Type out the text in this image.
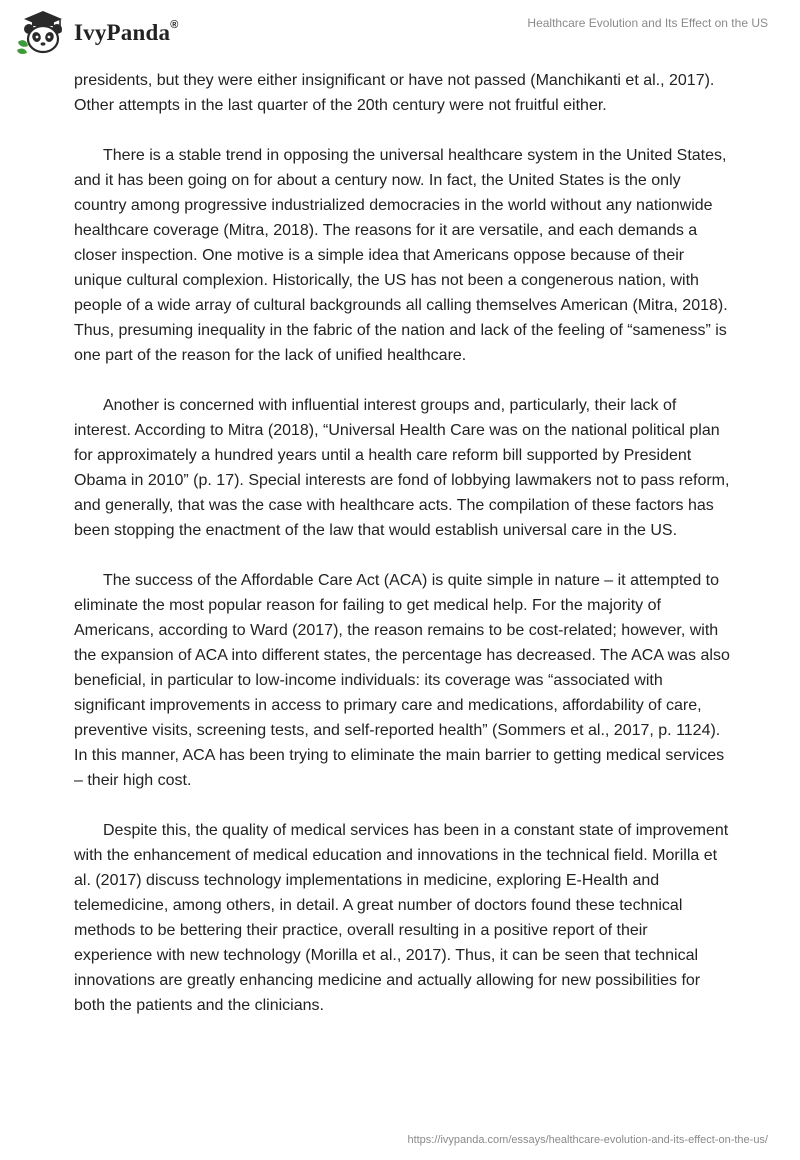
IvyPanda®	Healthcare Evolution and Its Effect on the US

presidents, but they were either insignificant or have not passed (Manchikanti et al., 2017). Other attempts in the last quarter of the 20th century were not fruitful either.

There is a stable trend in opposing the universal healthcare system in the United States, and it has been going on for about a century now. In fact, the United States is the only country among progressive industrialized democracies in the world without any nationwide healthcare coverage (Mitra, 2018). The reasons for it are versatile, and each demands a closer inspection. One motive is a simple idea that Americans oppose because of their unique cultural complexion. Historically, the US has not been a congenerous nation, with people of a wide array of cultural backgrounds all calling themselves American (Mitra, 2018). Thus, presuming inequality in the fabric of the nation and lack of the feeling of “sameness” is one part of the reason for the lack of unified healthcare.

Another is concerned with influential interest groups and, particularly, their lack of interest. According to Mitra (2018), “Universal Health Care was on the national political plan for approximately a hundred years until a health care reform bill supported by President Obama in 2010” (p. 17). Special interests are fond of lobbying lawmakers not to pass reform, and generally, that was the case with healthcare acts. The compilation of these factors has been stopping the enactment of the law that would establish universal care in the US.

The success of the Affordable Care Act (ACA) is quite simple in nature – it attempted to eliminate the most popular reason for failing to get medical help. For the majority of Americans, according to Ward (2017), the reason remains to be cost-related; however, with the expansion of ACA into different states, the percentage has decreased. The ACA was also beneficial, in particular to low-income individuals: its coverage was “associated with significant improvements in access to primary care and medications, affordability of care, preventive visits, screening tests, and self-reported health” (Sommers et al., 2017, p. 1124). In this manner, ACA has been trying to eliminate the main barrier to getting medical services – their high cost.

Despite this, the quality of medical services has been in a constant state of improvement with the enhancement of medical education and innovations in the technical field. Morilla et al. (2017) discuss technology implementations in medicine, exploring E-Health and telemedicine, among others, in detail. A great number of doctors found these technical methods to be bettering their practice, overall resulting in a positive report of their experience with new technology (Morilla et al., 2017). Thus, it can be seen that technical innovations are greatly enhancing medicine and actually allowing for new possibilities for both the patients and the clinicians.

https://ivypanda.com/essays/healthcare-evolution-and-its-effect-on-the-us/
